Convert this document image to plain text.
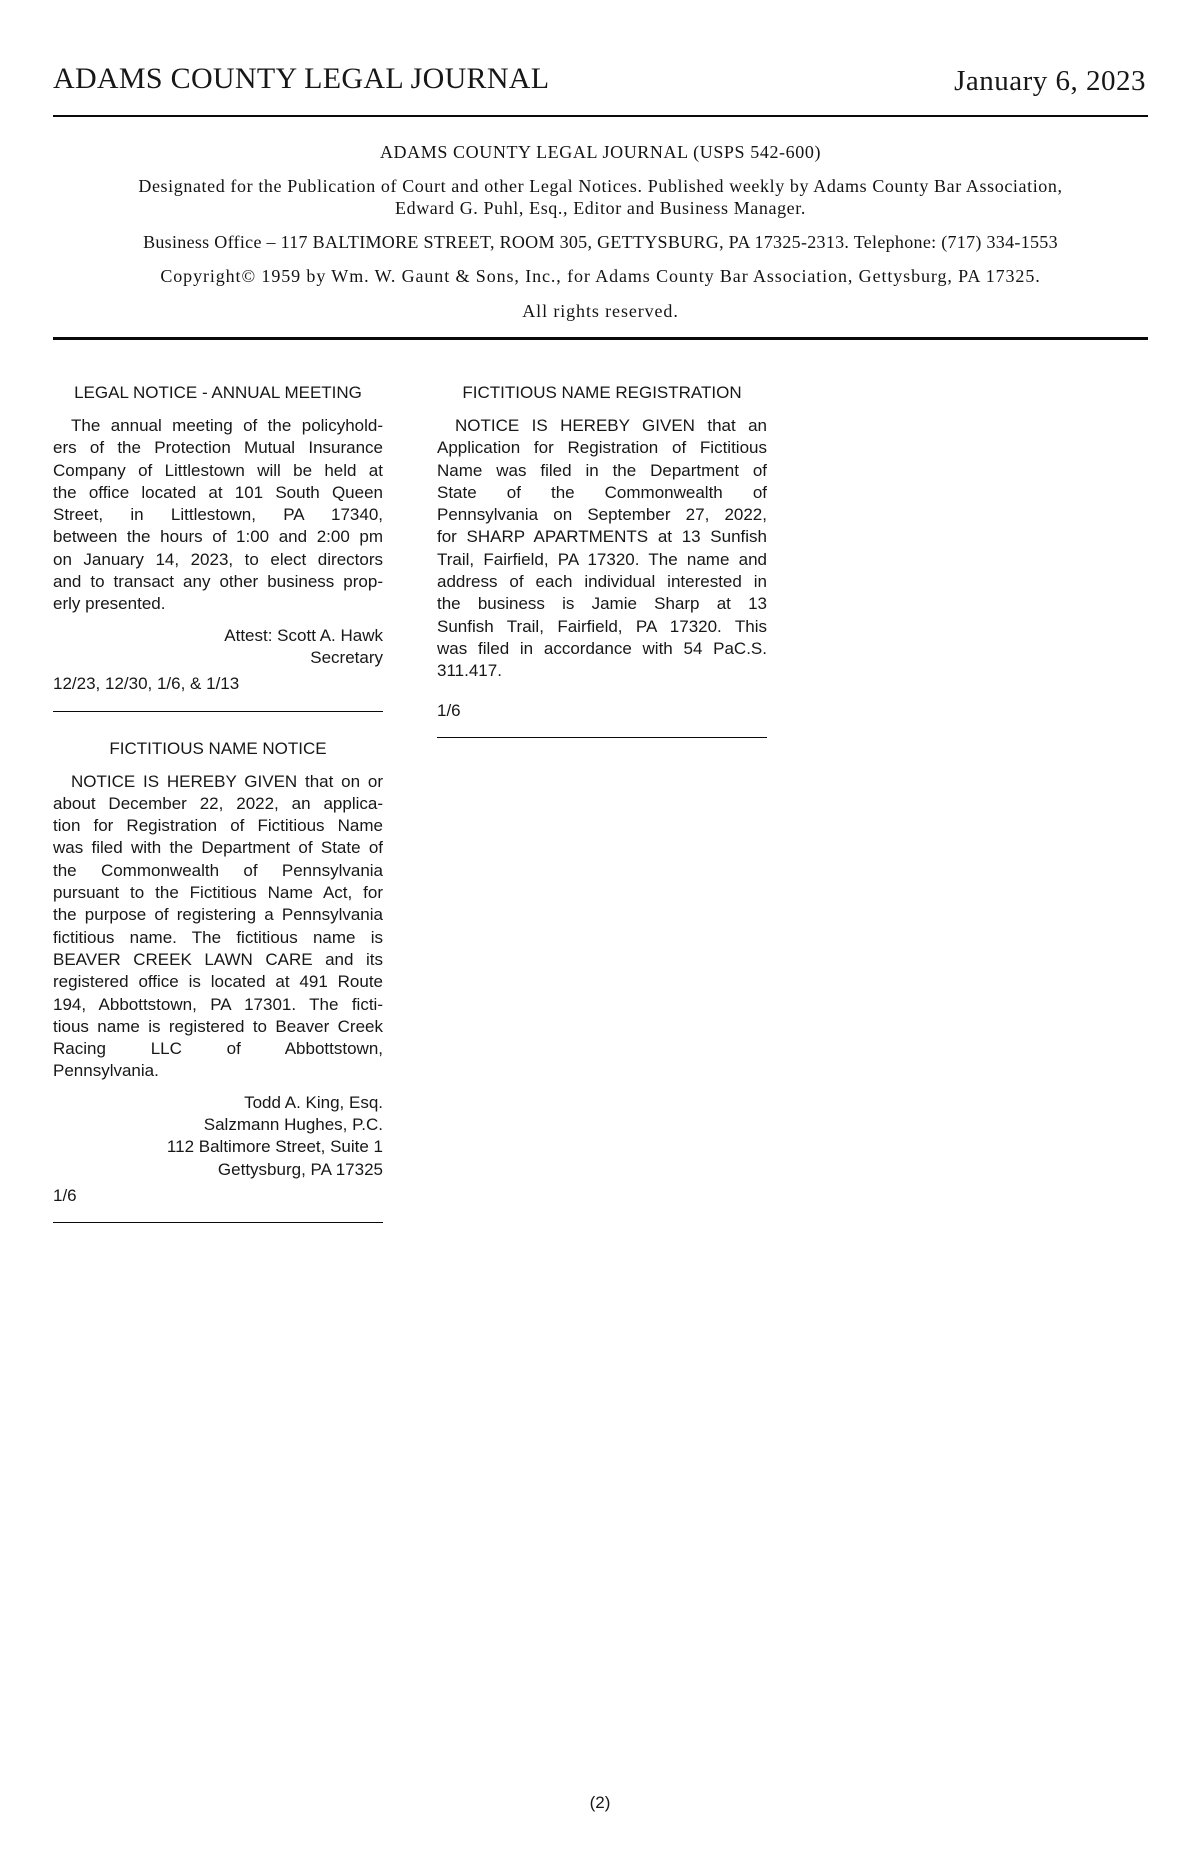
ADAMS COUNTY LEGAL JOURNAL	January 6, 2023
ADAMS COUNTY LEGAL JOURNAL (USPS 542-600)
Designated for the Publication of Court and other Legal Notices. Published weekly by Adams County Bar Association,
Edward G. Puhl, Esq., Editor and Business Manager.
Business Office – 117 BALTIMORE STREET, ROOM 305, GETTYSBURG, PA 17325-2313. Telephone: (717) 334-1553
Copyright© 1959 by Wm. W. Gaunt & Sons, Inc., for Adams County Bar Association, Gettysburg, PA 17325.
All rights reserved.
LEGAL NOTICE - ANNUAL MEETING
The annual meeting of the policyhold-
ers of the Protection Mutual Insurance
Company of Littlestown will be held at
the office located at 101 South Queen
Street, in Littlestown, PA 17340,
between the hours of 1:00 and 2:00 pm
on January 14, 2023, to elect directors
and to transact any other business prop-
erly presented.
Attest: Scott A. Hawk
Secretary
12/23, 12/30, 1/6, & 1/13
FICTITIOUS NAME NOTICE
NOTICE IS HEREBY GIVEN that on or
about December 22, 2022, an applica-
tion for Registration of Fictitious Name
was filed with the Department of State of
the Commonwealth of Pennsylvania
pursuant to the Fictitious Name Act, for
the purpose of registering a Pennsylvania
fictitious name. The fictitious name is
BEAVER CREEK LAWN CARE and its
registered office is located at 491 Route
194, Abbottstown, PA 17301. The ficti-
tious name is registered to Beaver Creek
Racing LLC of Abbottstown,
Pennsylvania.
Todd A. King, Esq.
Salzmann Hughes, P.C.
112 Baltimore Street, Suite 1
Gettysburg, PA 17325
1/6
FICTITIOUS NAME REGISTRATION
NOTICE IS HEREBY GIVEN that an
Application for Registration of Fictitious
Name was filed in the Department of
State of the Commonwealth of
Pennsylvania on September 27, 2022,
for SHARP APARTMENTS at 13 Sunfish
Trail, Fairfield, PA 17320. The name and
address of each individual interested in
the business is Jamie Sharp at 13
Sunfish Trail, Fairfield, PA 17320. This
was filed in accordance with 54 PaC.S.
311.417.
1/6
(2)
